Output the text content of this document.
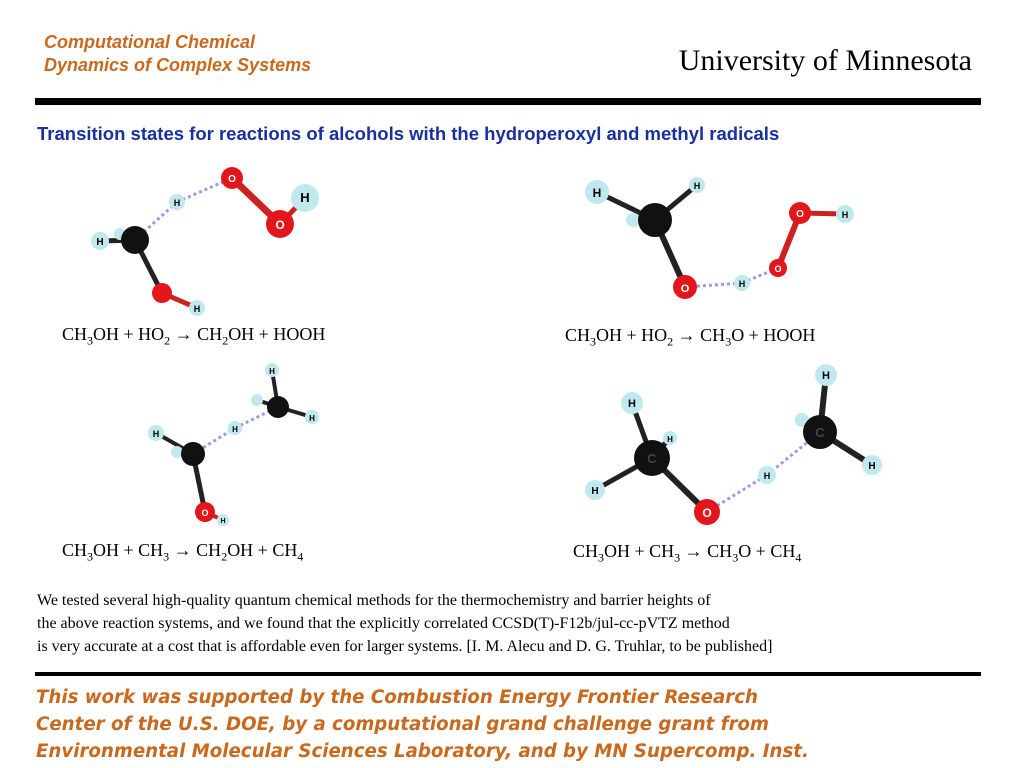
Computational Chemical
Dynamics of Complex Systems	University of Minnesota
Transition states for reactions of alcohols with the hydroperoxyl and methyl radicals
H
H
H
O
O
H	H	H
H
O
O
O	H
$CH_3OH + HO_2 \to CH_2OH$ + HOOH	$CH_3OH + HO_2 \to CH_3O$ + HOOH
H	H
H
H
O
H
H
H
H
H
H
H
C
C
O
$CH_3OH + CH_3 \to CH_2OH + CH_4$	$CH_3OH + CH_3 \to CH_3O + CH_4$
We tested several high-quality quantum chemical methods for the thermochemistry and barrier heights of
the above reaction systems, and we found that the explicitly correlated CCSD(T)-F12b/jul-cc-pVTZ method
is very accurate at a cost that is affordable even for larger systems. [I. M. Alecu and D. G. Truhlar, to be published]
This work was supported by the Combustion Energy Frontier Research
Center of the U.S. DOE, by a computational grand challenge grant from
Environmental Molecular Sciences Laboratory, and by MN Supercomp. Inst.
